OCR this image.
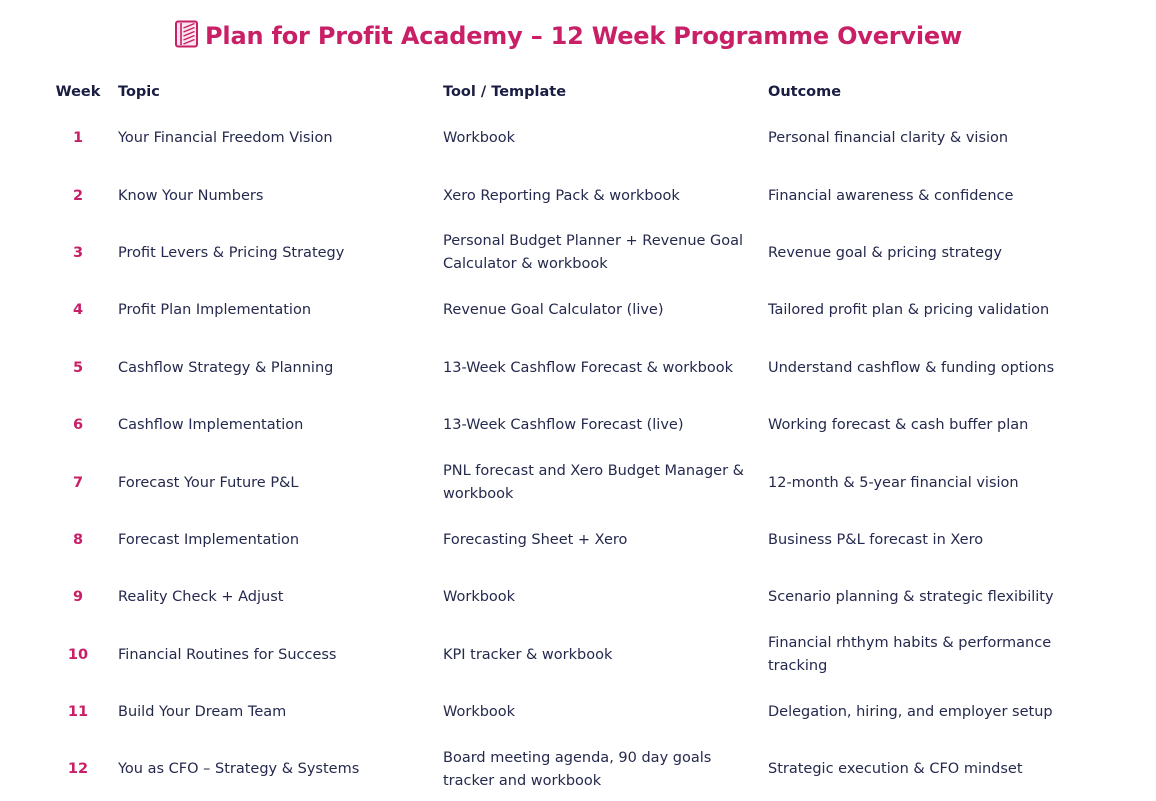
Plan for Profit Academy – 12 Week Programme Overview
Week	Topic	Tool / Template	Outcome
1	Your Financial Freedom Vision	Workbook	Personal financial clarity & vision
2	Know Your Numbers	Xero Reporting Pack & workbook	Financial awareness & confidence
3	Profit Levers & Pricing Strategy	Personal Budget Planner + Revenue Goal Calculator & workbook	Revenue goal & pricing strategy
4	Profit Plan Implementation	Revenue Goal Calculator (live)	Tailored profit plan & pricing validation
5	Cashflow Strategy & Planning	13-Week Cashflow Forecast & workbook	Understand cashflow & funding options
6	Cashflow Implementation	13-Week Cashflow Forecast (live)	Working forecast & cash buffer plan
7	Forecast Your Future P&L	PNL forecast and Xero Budget Manager & workbook	12-month & 5-year financial vision
8	Forecast Implementation	Forecasting Sheet + Xero	Business P&L forecast in Xero
9	Reality Check + Adjust	Workbook	Scenario planning & strategic flexibility
10	Financial Routines for Success	KPI tracker & workbook	Financial rhthym habits & performance tracking
11	Build Your Dream Team	Workbook	Delegation, hiring, and employer setup
12	You as CFO – Strategy & Systems	Board meeting agenda, 90 day goals tracker and workbook	Strategic execution & CFO mindset
